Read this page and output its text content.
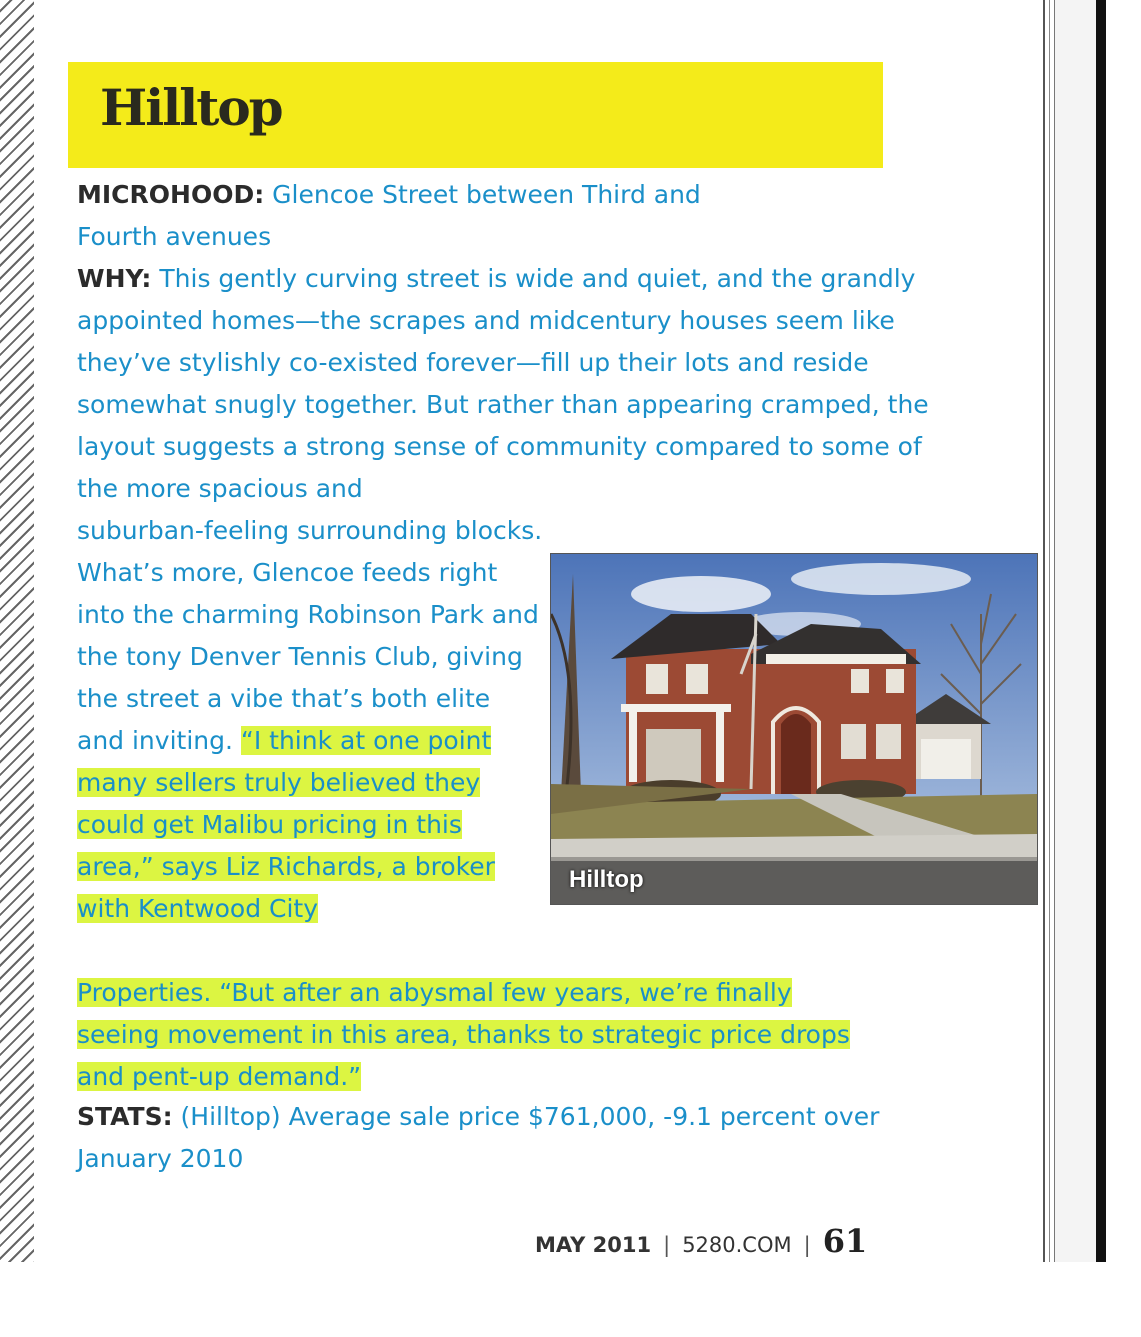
Hilltop

MICROHOOD: Glencoe Street between Third and Fourth avenues

WHY: This gently curving street is wide and quiet, and the grandly appointed homes—the scrapes and midcentury houses seem like they’ve stylishly co-existed forever—fill up their lots and reside somewhat snugly together. But rather than appearing cramped, the layout suggests a strong sense of community compared to some of the more spacious and

suburban-feeling surrounding blocks. What’s more, Glencoe feeds right into the charming Robinson Park and the tony Denver Tennis Club, giving the street a vibe that’s both elite and inviting. “I think at one point many sellers truly believed they could get Malibu pricing in this area,” says Liz Richards, a broker with Kentwood City

Properties. “But after an abysmal few years, we’re finally seeing movement in this area, thanks to strategic price drops and pent-up demand.”

STATS: (Hilltop) Average sale price $761,000, -9.1 percent over January 2010

Hilltop

MAY 2011 | 5280.COM | 61
